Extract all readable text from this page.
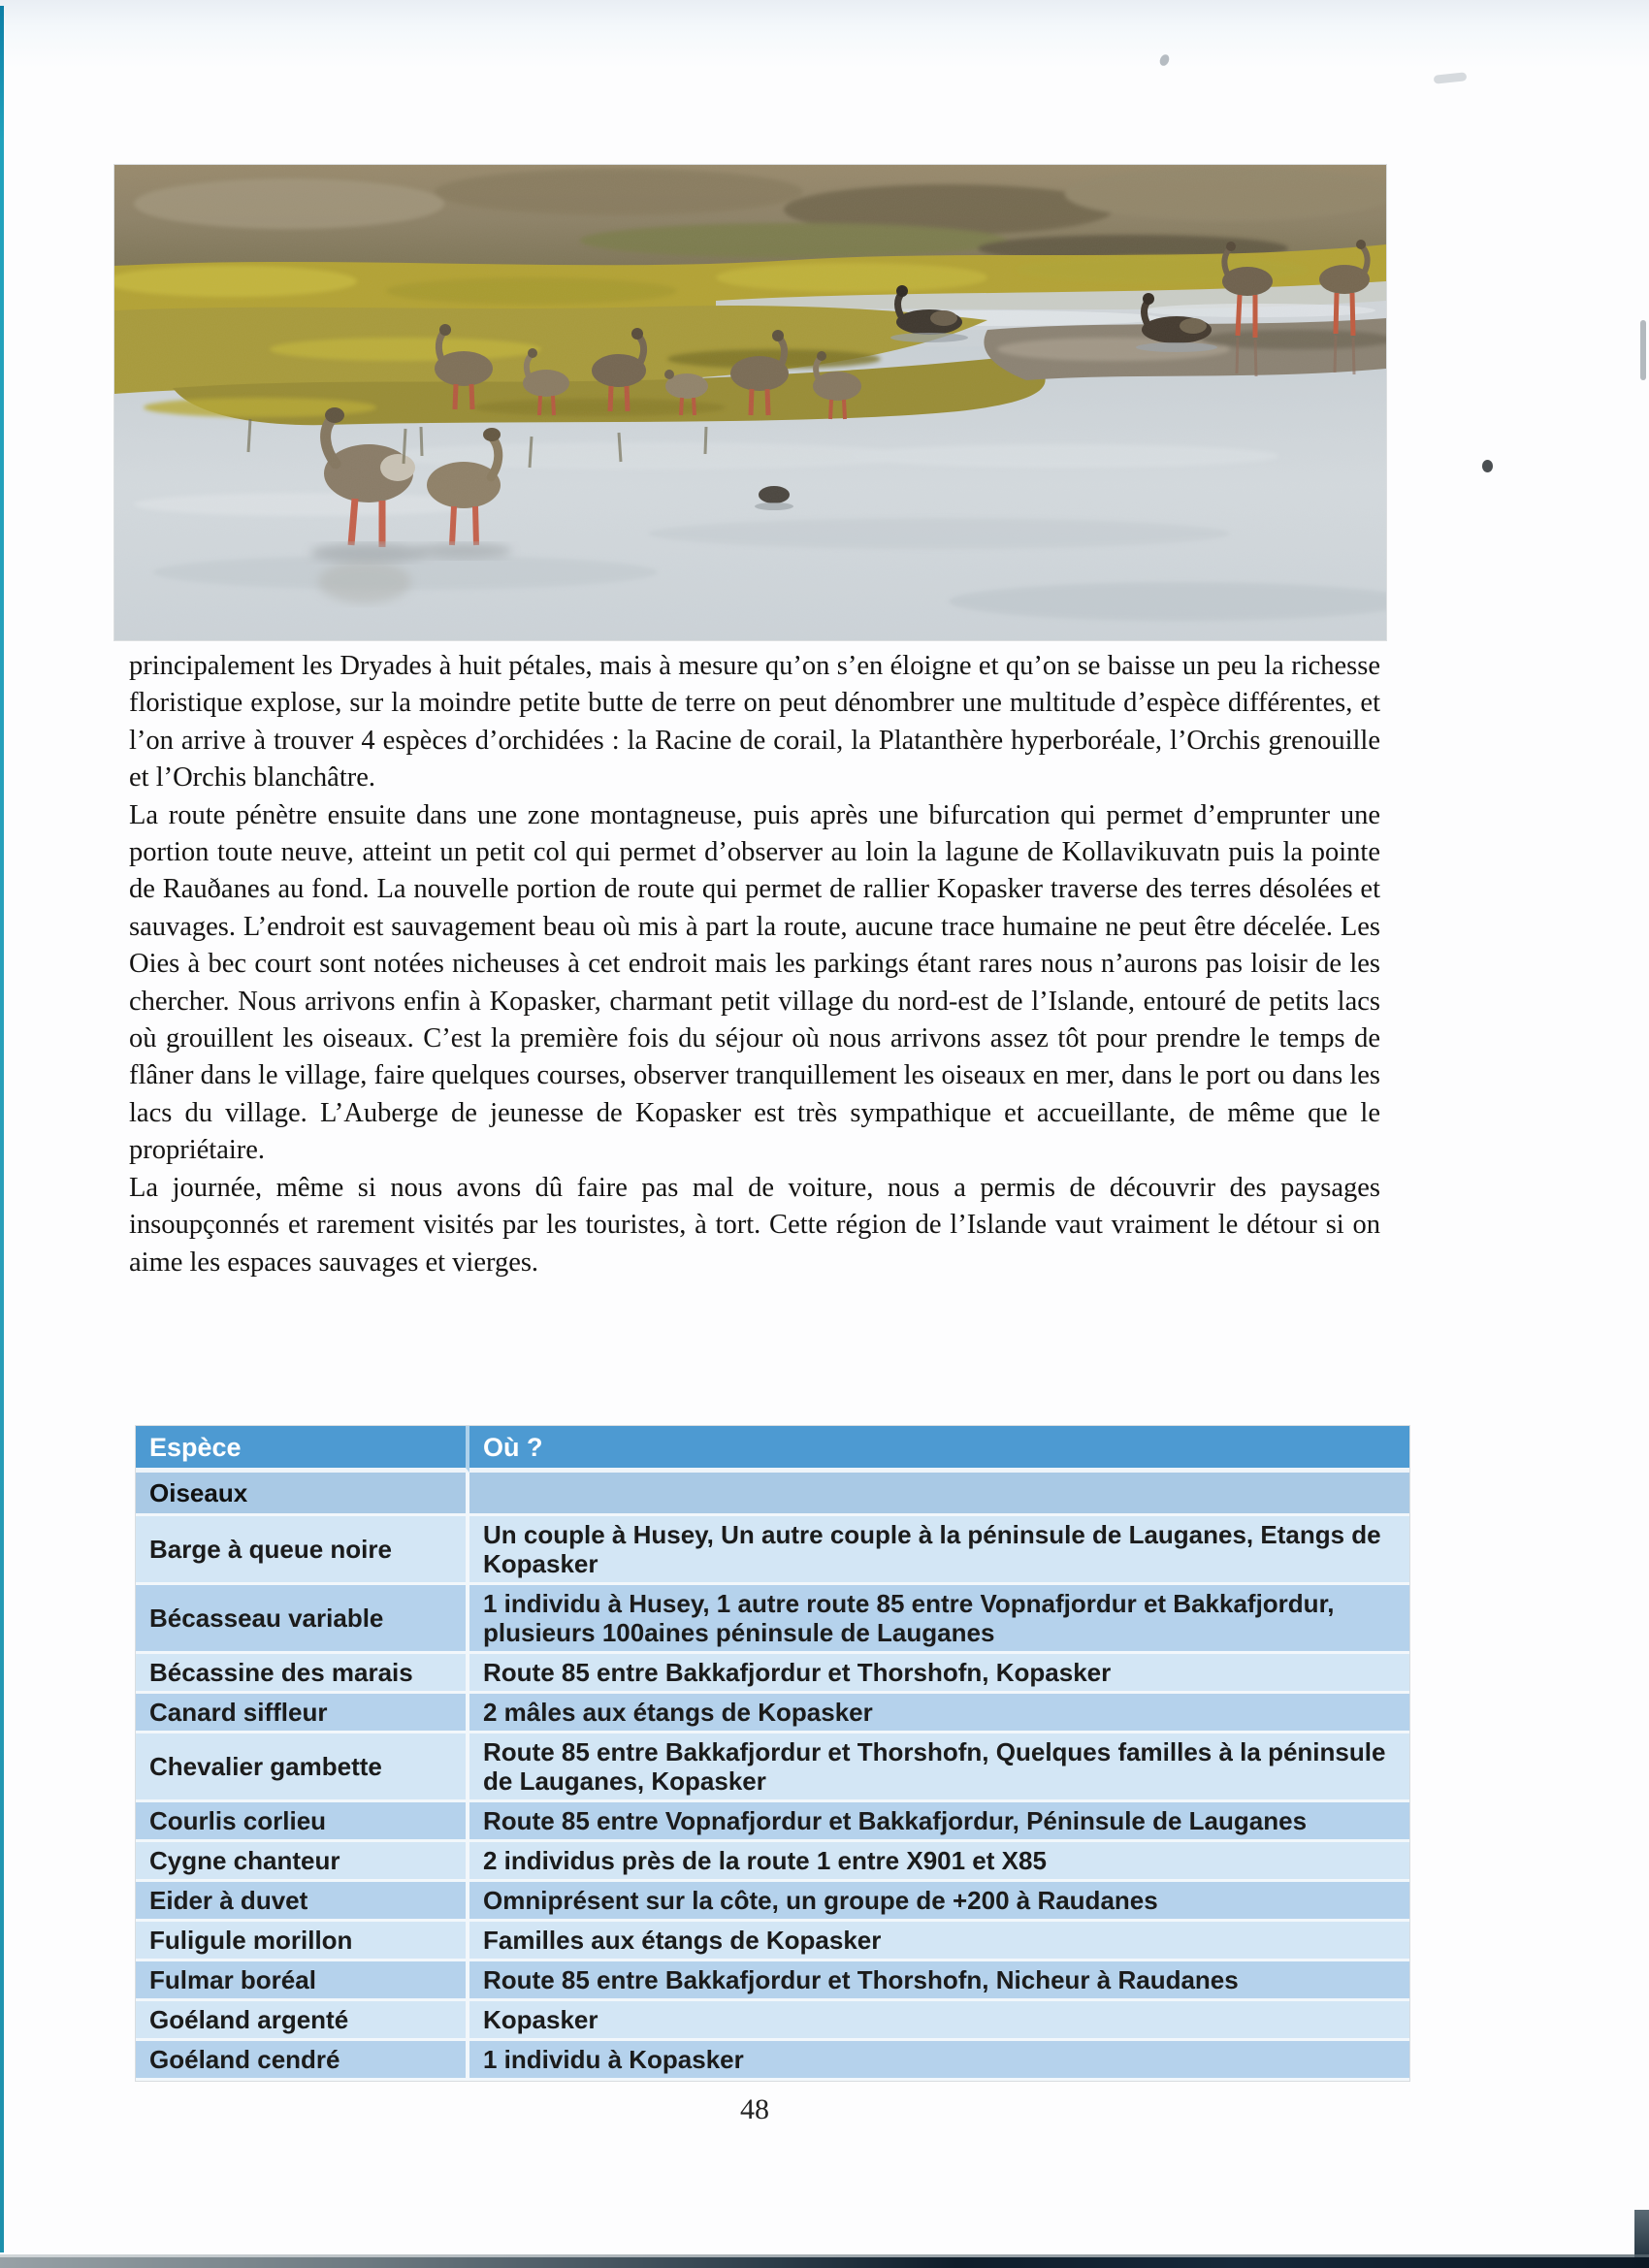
principalement les Dryades à huit pétales, mais à mesure qu’on s’en éloigne et qu’on se baisse un peu la richesse floristique explose, sur la moindre petite butte de terre on peut dénombrer une multitude d’espèce différentes, et l’on arrive à trouver 4 espèces d’orchidées : la Racine de corail, la Platanthère hyperboréale, l’Orchis grenouille et l’Orchis blanchâtre.

La route pénètre ensuite dans une zone montagneuse, puis après une bifurcation qui permet d’emprunter une portion toute neuve, atteint un petit col qui permet d’observer au loin la lagune de Kollavikuvatn puis la pointe de Rauðanes au fond. La nouvelle portion de route qui permet de rallier Kopasker traverse des terres désolées et sauvages. L’endroit est sauvagement beau où mis à part la route, aucune trace humaine ne peut être décelée. Les Oies à bec court sont notées nicheuses à cet endroit mais les parkings étant rares nous n’aurons pas loisir de les chercher. Nous arrivons enfin à Kopasker, charmant petit village du nord-est de l’Islande, entouré de petits lacs où grouillent les oiseaux. C’est la première fois du séjour où nous arrivons assez tôt pour prendre le temps de flâner dans le village, faire quelques courses, observer tranquillement les oiseaux en mer, dans le port ou dans les lacs du village. L’Auberge de jeunesse de Kopasker est très sympathique et accueillante, de même que le propriétaire.

La journée, même si nous avons dû faire pas mal de voiture, nous a permis de découvrir des paysages insoupçonnés et rarement visités par les touristes, à tort. Cette région de l’Islande vaut vraiment le détour si on aime les espaces sauvages et vierges.

Espèce	Où ?
Oiseaux	
Barge à queue noire	Un couple à Husey, Un autre couple à la péninsule de Lauganes, Etangs de Kopasker
Bécasseau variable	1 individu à Husey, 1 autre route 85 entre Vopnafjordur et Bakkafjordur, plusieurs 100aines péninsule de Lauganes
Bécassine des marais	Route 85 entre Bakkafjordur et Thorshofn, Kopasker
Canard siffleur	2 mâles aux étangs de Kopasker
Chevalier gambette	Route 85 entre Bakkafjordur et Thorshofn, Quelques familles à la péninsule de Lauganes, Kopasker
Courlis corlieu	Route 85 entre Vopnafjordur et Bakkafjordur, Péninsule de Lauganes
Cygne chanteur	2 individus près de la route 1 entre X901 et X85
Eider à duvet	Omniprésent sur la côte, un groupe de +200 à Raudanes
Fuligule morillon	Familles aux étangs de Kopasker
Fulmar boréal	Route 85 entre Bakkafjordur et Thorshofn, Nicheur à Raudanes
Goéland argenté	Kopasker
Goéland cendré	1 individu à Kopasker
48
